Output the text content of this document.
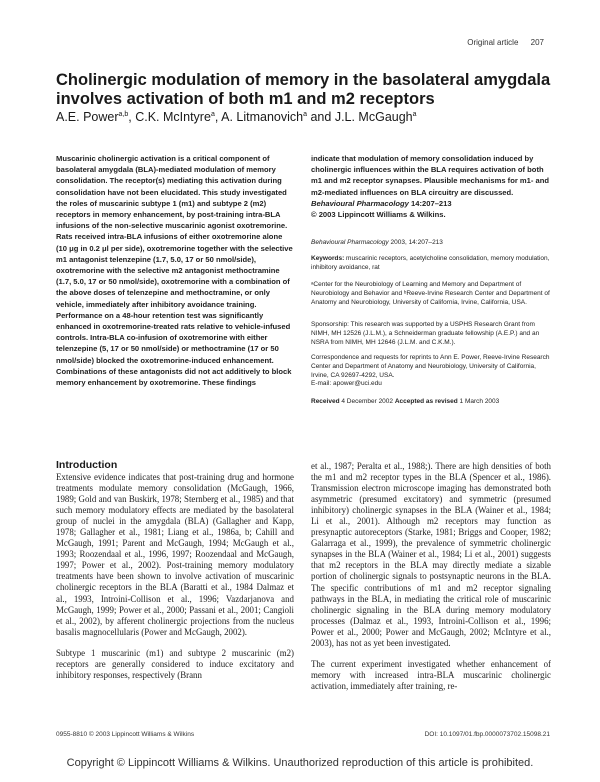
Original article 207
Cholinergic modulation of memory in the basolateral amygdala involves activation of both m1 and m2 receptors
A.E. Power$^{a,b}$, C.K. McIntyre$^a$, A. Litmanovich$^a$ and J.L. McGaugh$^a$
Muscarinic cholinergic activation is a critical component of basolateral amygdala (BLA)-mediated modulation of memory consolidation. The receptor(s) mediating this activation during consolidation have not been elucidated. This study investigated the roles of muscarinic subtype 1 (m1) and subtype 2 (m2) receptors in memory enhancement, by post-training intra-BLA infusions of the non-selective muscarinic agonist oxotremorine. Rats received intra-BLA infusions of either oxotremorine alone (10 μg in 0.2 μl per side), oxotremorine together with the selective m1 antagonist telenzepine (1.7, 5.0, 17 or 50 nmol/side), oxotremorine with the selective m2 antagonist methoctramine (1.7, 5.0, 17 or 50 nmol/side), oxotremorine with a combination of the above doses of telenzepine and methoctramine, or only vehicle, immediately after inhibitory avoidance training. Performance on a 48-hour retention test was significantly enhanced in oxotremorine-treated rats relative to vehicle-infused controls. Intra-BLA co-infusion of oxotremorine with either telenzepine (5, 17 or 50 nmol/side) or methoctramine (17 or 50 nmol/side) blocked the oxotremorine-induced enhancement. Combinations of these antagonists did not act additively to block memory enhancement by oxotremorine. These findings
indicate that modulation of memory consolidation induced by cholinergic influences within the BLA requires activation of both m1 and m2 receptor synapses. Plausible mechanisms for m1- and m2-mediated influences on BLA circuitry are discussed. Behavioural Pharmacology 14:207–213
© 2003 Lippincott Williams & Wilkins.
Behavioural Pharmacology 2003, 14:207–213
Keywords: muscarinic receptors, acetylcholine consolidation, memory modulation, inhibitory avoidance, rat
ᵃCenter for the Neurobiology of Learning and Memory and Department of Neurobiology and Behavior and ᵇReeve-Irvine Research Center and Department of Anatomy and Neurobiology, University of California, Irvine, California, USA.
Sponsorship: This research was supported by a USPHS Research Grant from NIMH, MH 12526 (J.L.M.), a Schneiderman graduate fellowship (A.E.P.) and an NSRA from NIMH, MH 12646 (J.L.M. and C.K.M.).
Correspondence and requests for reprints to Ann E. Power, Reeve-Irvine Research Center and Department of Anatomy and Neurobiology, University of California, Irvine, CA 92697-4292, USA.
E-mail: apower@uci.edu
Received 4 December 2002 Accepted as revised 1 March 2003
Introduction

Extensive evidence indicates that post-training drug and hormone treatments modulate memory consolidation (McGaugh, 1966, 1989; Gold and van Buskirk, 1978; Sternberg et al., 1985) and that such memory modulatory effects are mediated by the basolateral group of nuclei in the amygdala (BLA) (Gallagher and Kapp, 1978; Gallagher et al., 1981; Liang et al., 1986a, b; Cahill and McGaugh, 1991; Parent and McGaugh, 1994; McGaugh et al., 1993; Roozendaal et al., 1996, 1997; Roozendaal and McGaugh, 1997; Power et al., 2002). Post-training memory modulatory treatments have been shown to involve activation of muscarinic cholinergic receptors in the BLA (Baratti et al., 1984 Dalmaz et al., 1993, Introini-Collison et al., 1996; Vazdarjanova and McGaugh, 1999; Power et al., 2000; Passani et al., 2001; Cangioli et al., 2002), by afferent cholinergic projections from the nucleus basalis magnocellularis (Power and McGaugh, 2002).

Subtype 1 muscarinic (m1) and subtype 2 muscarinic (m2) receptors are generally considered to induce excitatory and inhibitory responses, respectively (Brann

et al., 1987; Peralta et al., 1988;). There are high densities of both the m1 and m2 receptor types in the BLA (Spencer et al., 1986). Transmission electron microscope imaging has demonstrated both asymmetric (presumed excitatory) and symmetric (presumed inhibitory) cholinergic synapses in the BLA (Wainer et al., 1984; Li et al., 2001). Although m2 receptors may function as presynaptic autoreceptors (Starke, 1981; Briggs and Cooper, 1982; Galarraga et al., 1999), the prevalence of symmetric cholinergic synapses in the BLA (Wainer et al., 1984; Li et al., 2001) suggests that m2 receptors in the BLA may directly mediate a sizable portion of cholinergic signals to postsynaptic neurons in the BLA. The specific contributions of m1 and m2 receptor signaling pathways in the BLA, in mediating the critical role of muscarinic cholinergic signaling in the BLA during memory modulatory processes (Dalmaz et al., 1993, Introini-Collison et al., 1996; Power et al., 2000; Power and McGaugh, 2002; McIntyre et al., 2003), has not as yet been investigated.

The current experiment investigated whether enhancement of memory with increased intra-BLA muscarinic cholinergic activation, immediately after training, re-

0955-8810 © 2003 Lippincott Williams & Wilkins	DOI: 10.1097/01.fbp.0000073702.15098.21
Copyright © Lippincott Williams & Wilkins. Unauthorized reproduction of this article is prohibited.
